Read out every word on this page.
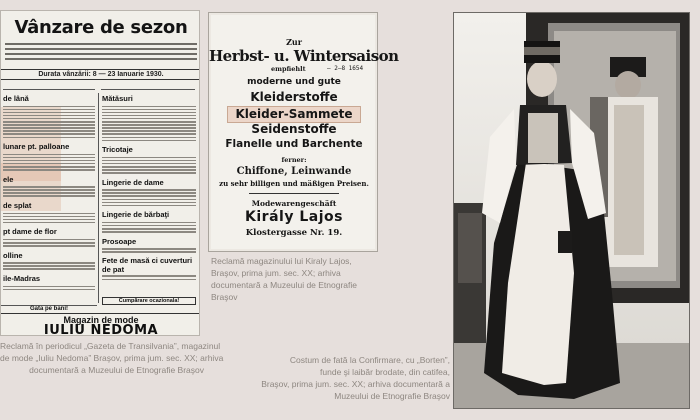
Vânzare de sezon
Durata vânzării: 8 — 23 Ianuarie 1930.
de lână
lunare pt. palloane
ele
de splat
pt dame de flor
olline
ile-Madras
Mătăsuri
Tricotaje
Lingerie de dame
Lingerie de bărbaţi
Prosoape
Fete de masă ci cuverturi de pat
Cumpărare ocazionala!
Gata pe bani!
Magazin de mode
IULIU NEDOMA
Zur
Herbst- u. Wintersaison
empfiehlt	— 2—8 1654
moderne und gute
Kleiderstoffe
Kleider-Sammete
Seidenstoffe
Flanelle und Barchente
ferner:
Chiffone, Leinwande
zu sehr billigen und mäßigen Preisen.
Modewarengeschäft
Király Lajos
Klostergasse Nr. 19.

Reclamă în periodicul „Gazeta de Transilvania”, magazinul

de mode „Iuliu Nedoma” Braşov, prima jum. sec. XX; arhiva

documentară a Muzeului de Etnografie Braşov

Reclamă magazinului lui Kiraly Lajos,

Braşov, prima jum. sec. XX; arhiva

documentară a Muzeului de Etnografie

Braşov

Costum de fată la Confirmare, cu „Borten”,

funde şi laibăr brodate, din catifea,

Braşov, prima jum. sec. XX; arhiva documentară a

Muzeului de Etnografie Braşov
